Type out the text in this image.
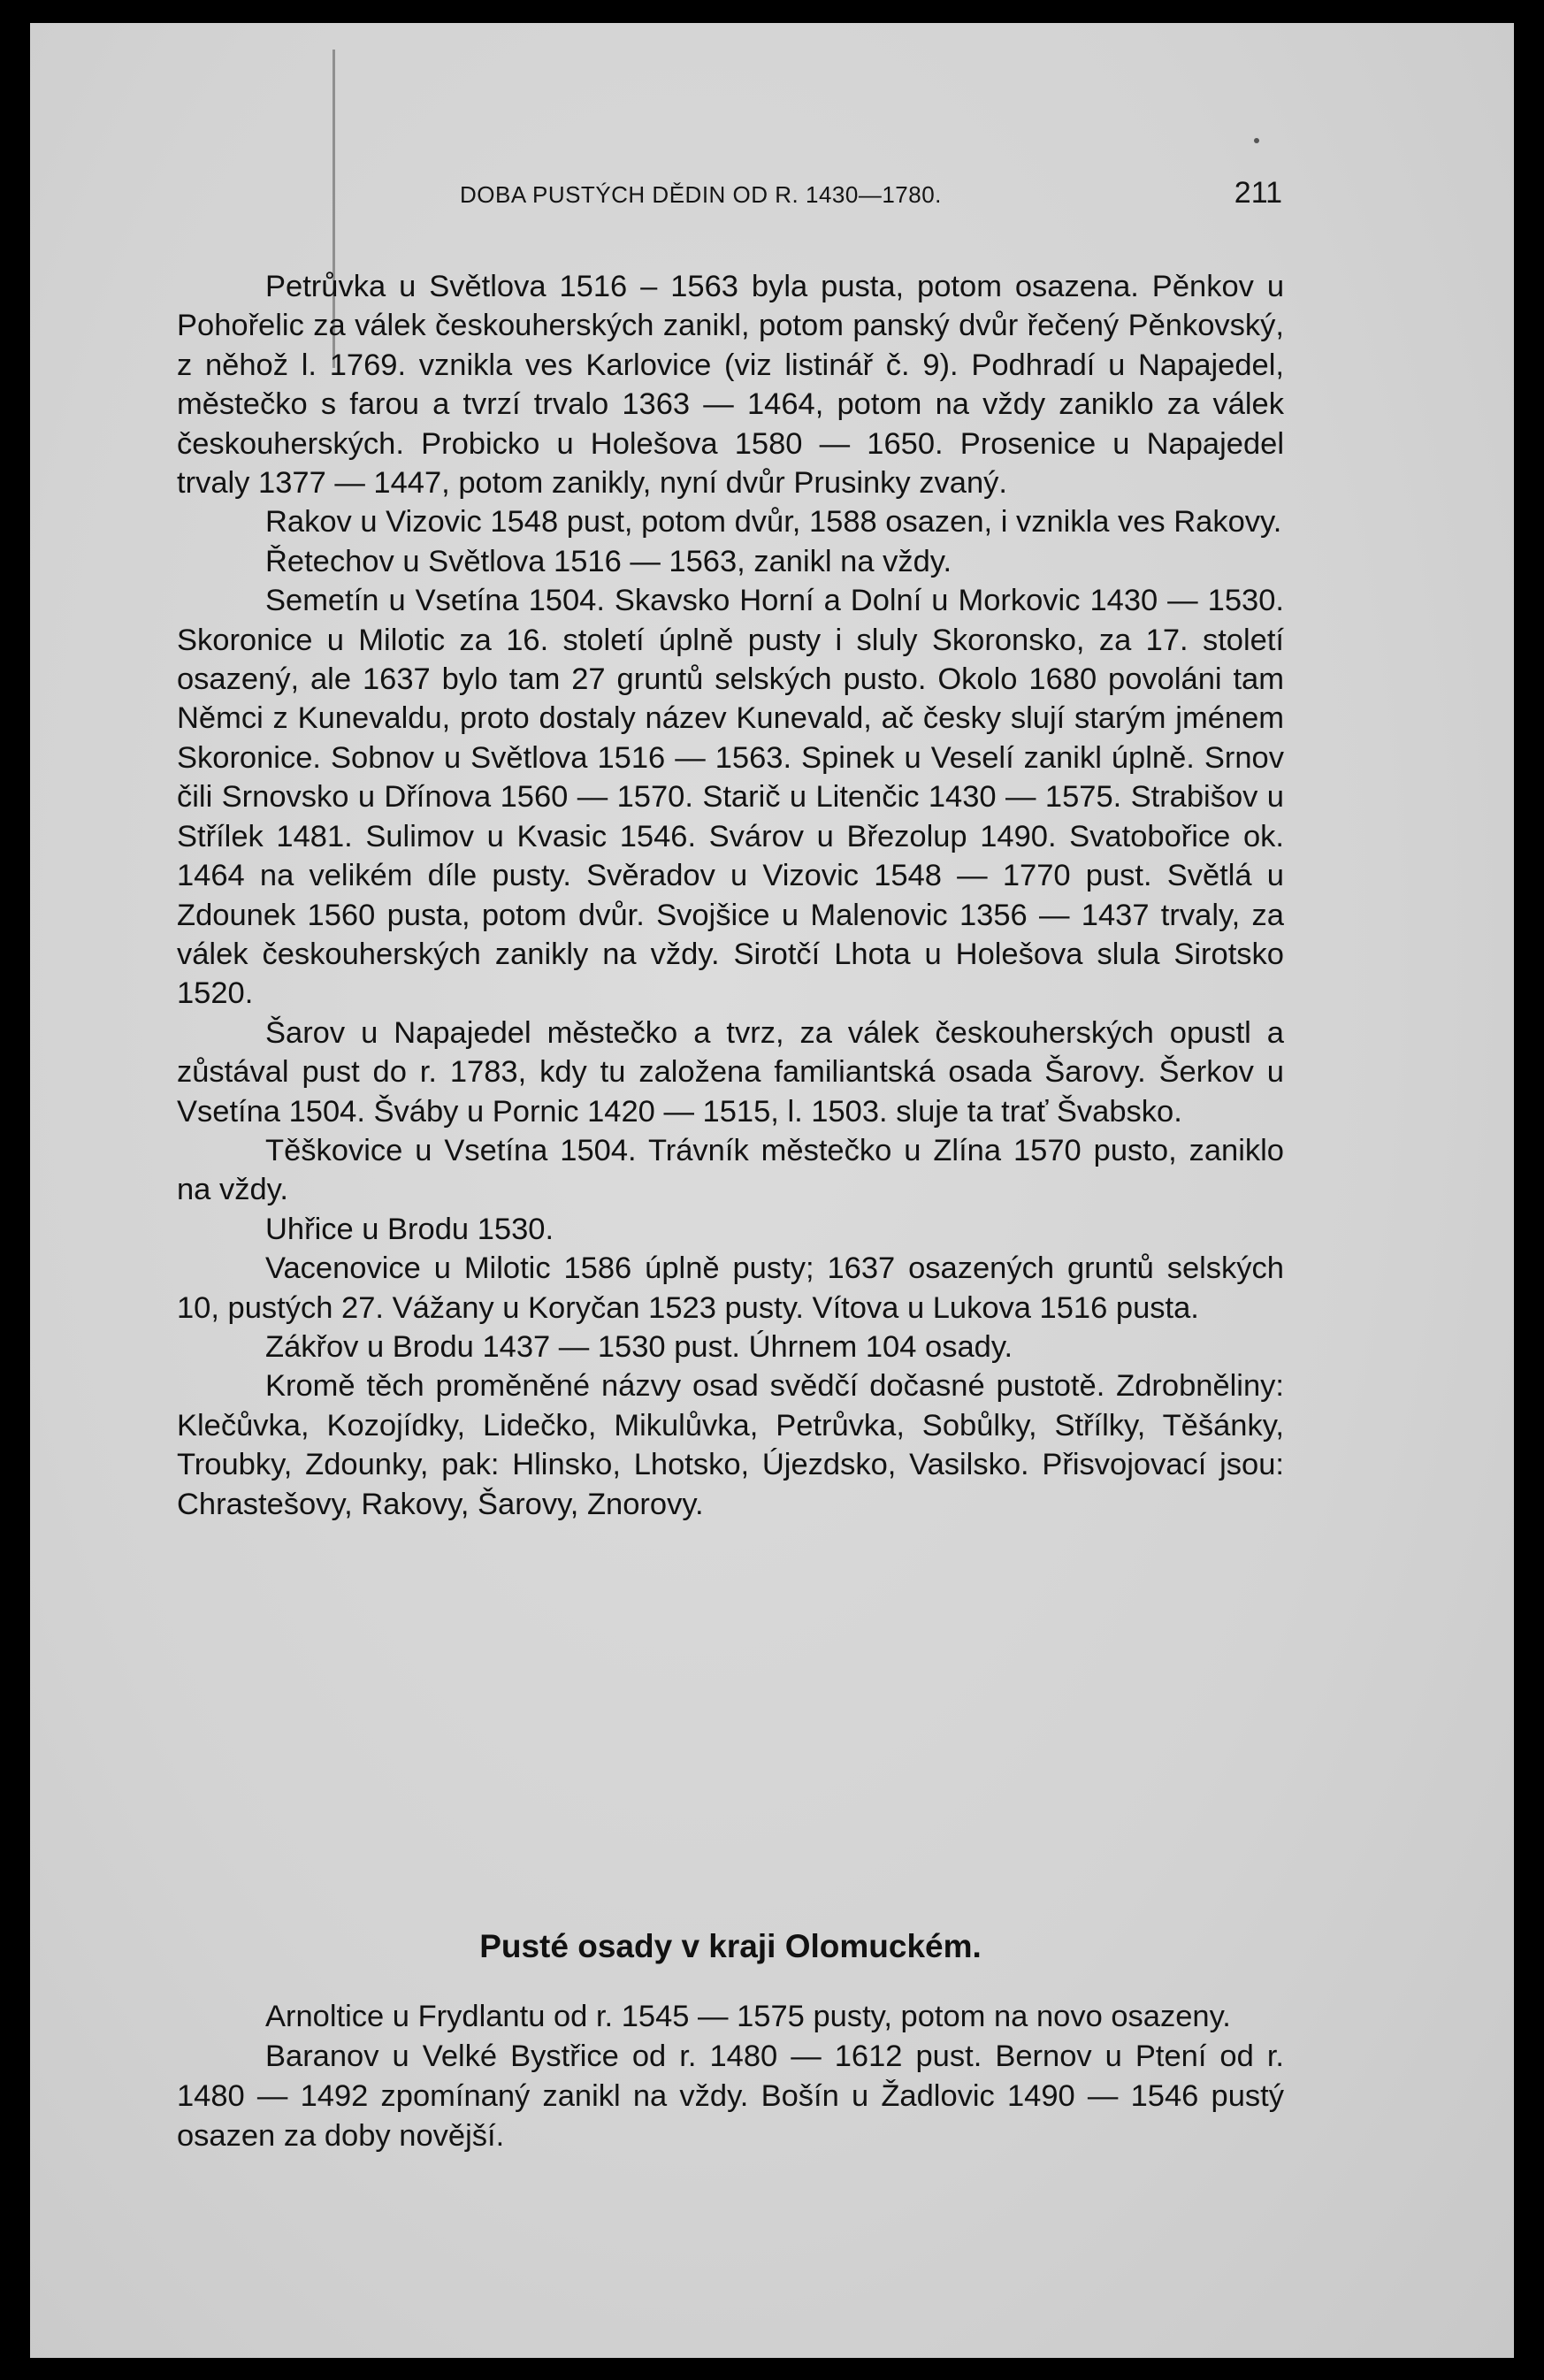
DOBA PUSTÝCH DĚDIN OD R. 1430—1780.	211

Petrůvka u Světlova 1516 – 1563 byla pusta, potom osazena. Pěnkov u Pohořelic za válek českouherských zanikl, potom panský dvůr řečený Pěnkovský, z něhož l. 1769. vznikla ves Karlovice (viz listinář č. 9). Podhradí u Napajedel, městečko s farou a tvrzí trvalo 1363 — 1464, potom na vždy zaniklo za válek českouherských. Probicko u Holešova 1580 — 1650. Prosenice u Napajedel trvaly 1377 — 1447, potom zanikly, nyní dvůr Prusinky zvaný.

Rakov u Vizovic 1548 pust, potom dvůr, 1588 osazen, i vznikla ves Rakovy.

Řetechov u Světlova 1516 — 1563, zanikl na vždy.

Semetín u Vsetína 1504. Skavsko Horní a Dolní u Morkovic 1430 — 1530. Skoronice u Milotic za 16. století úplně pusty i sluly Skoronsko, za 17. století osazený, ale 1637 bylo tam 27 gruntů selských pusto. Okolo 1680 povoláni tam Němci z Kunevaldu, proto dostaly název Kunevald, ač česky slují starým jménem Skoronice. Sobnov u Světlova 1516 — 1563. Spinek u Veselí zanikl úplně. Srnov čili Srnovsko u Dřínova 1560 — 1570. Starič u Litenčic 1430 — 1575. Strabišov u Střílek 1481. Sulimov u Kvasic 1546. Svárov u Březolup 1490. Svatobořice ok. 1464 na velikém díle pusty. Svěradov u Vizovic 1548 — 1770 pust. Světlá u Zdounek 1560 pusta, potom dvůr. Svojšice u Malenovic 1356 — 1437 trvaly, za válek českouherských zanikly na vždy. Sirotčí Lhota u Holešova slula Sirotsko 1520.

Šarov u Napajedel městečko a tvrz, za válek českouherských opustl a zůstával pust do r. 1783, kdy tu založena familiantská osada Šarovy. Šerkov u Vsetína 1504. Šváby u Pornic 1420 — 1515, l. 1503. sluje ta trať Švabsko.

Těškovice u Vsetína 1504. Trávník městečko u Zlína 1570 pusto, zaniklo na vždy.

Uhřice u Brodu 1530.

Vacenovice u Milotic 1586 úplně pusty; 1637 osazených gruntů selských 10, pustých 27. Vážany u Koryčan 1523 pusty. Vítova u Lukova 1516 pusta.

Zákřov u Brodu 1437 — 1530 pust. Úhrnem 104 osady.

Kromě těch proměněné názvy osad svědčí dočasné pustotě. Zdrobněliny: Klečůvka, Kozojídky, Lidečko, Mikulůvka, Petrůvka, Sobůlky, Střílky, Těšánky, Troubky, Zdounky, pak: Hlinsko, Lhotsko, Újezdsko, Vasilsko. Přisvojovací jsou: Chrastešovy, Rakovy, Šarovy, Znorovy.

Pusté osady v kraji Olomuckém.

Arnoltice u Frydlantu od r. 1545 — 1575 pusty, potom na novo osazeny.

Baranov u Velké Bystřice od r. 1480 — 1612 pust. Bernov u Ptení od r. 1480 — 1492 zpomínaný zanikl na vždy. Bošín u Žadlovic 1490 — 1546 pustý osazen za doby novější.
